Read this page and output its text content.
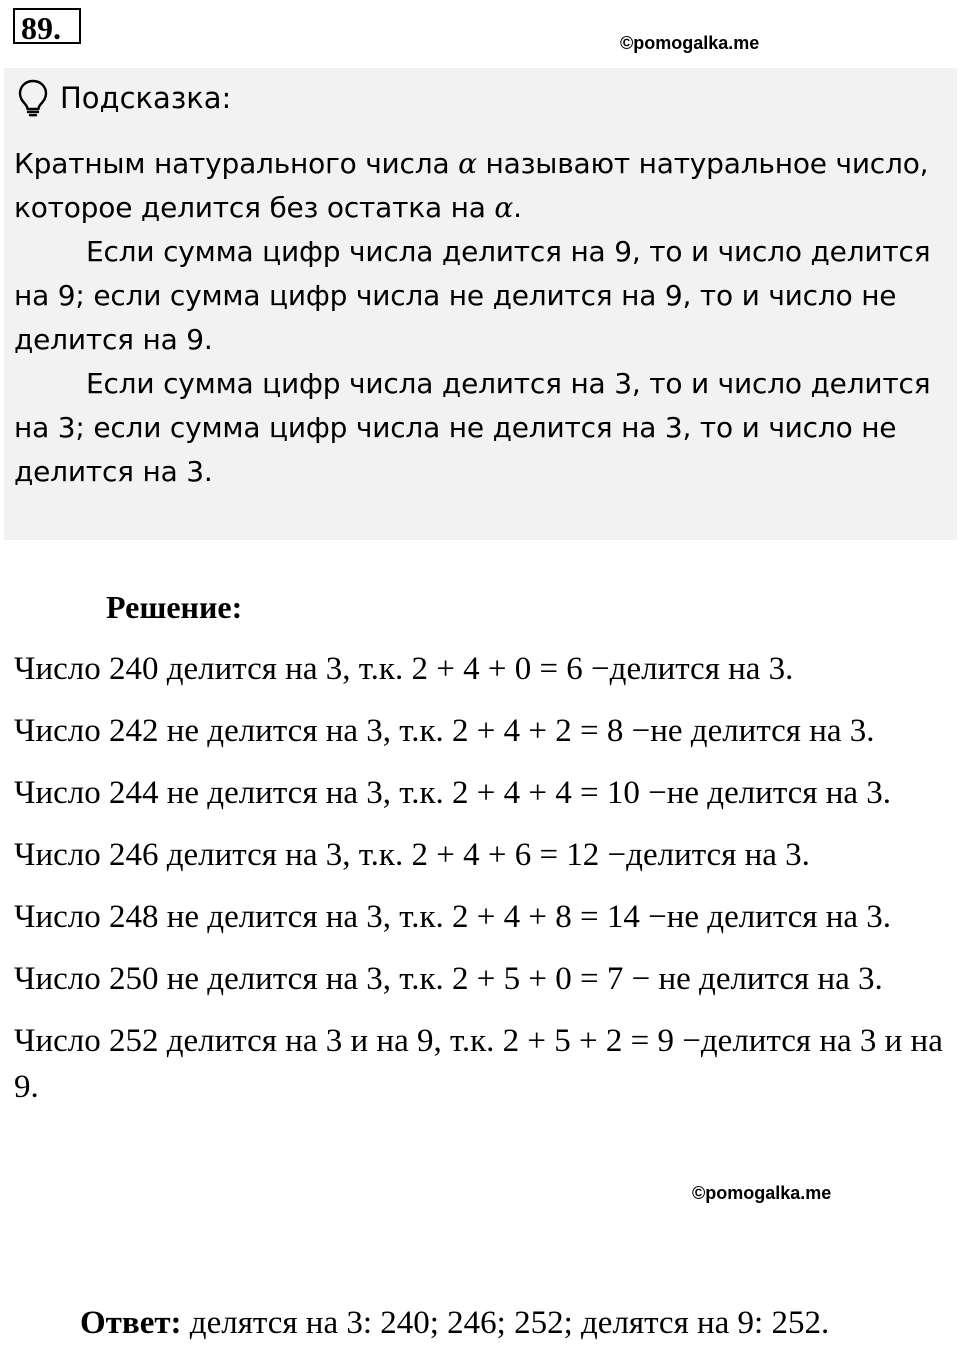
89.	©pomogalka.me
Подсказка:

Кратным натурального числа α называют натуральное число, которое делится без остатка на α.

Если сумма цифр числа делится на 9, то и число делится на 9; если сумма цифр числа не делится на 9, то и число не делится на 9.

Если сумма цифр числа делится на 3, то и число делится на 3; если сумма цифр числа не делится на 3, то и число не делится на 3.

Решение:

Число 240 делится на 3, т.к. 2 + 4 + 0 = 6 −делится на 3.

Число 242 не делится на 3, т.к. 2 + 4 + 2 = 8 −не делится на 3.

Число 244 не делится на 3, т.к. 2 + 4 + 4 = 10 −не делится на 3.

Число 246 делится на 3, т.к. 2 + 4 + 6 = 12 −делится на 3.

Число 248 не делится на 3, т.к. 2 + 4 + 8 = 14 −не делится на 3.

Число 250 не делится на 3, т.к. 2 + 5 + 0 = 7 − не делится на 3.

Число 252 делится на 3 и на 9, т.к. 2 + 5 + 2 = 9 −делится на 3 и на 9.

©pomogalka.me
Ответ: делятся на 3: 240; 246; 252; делятся на 9: 252.
